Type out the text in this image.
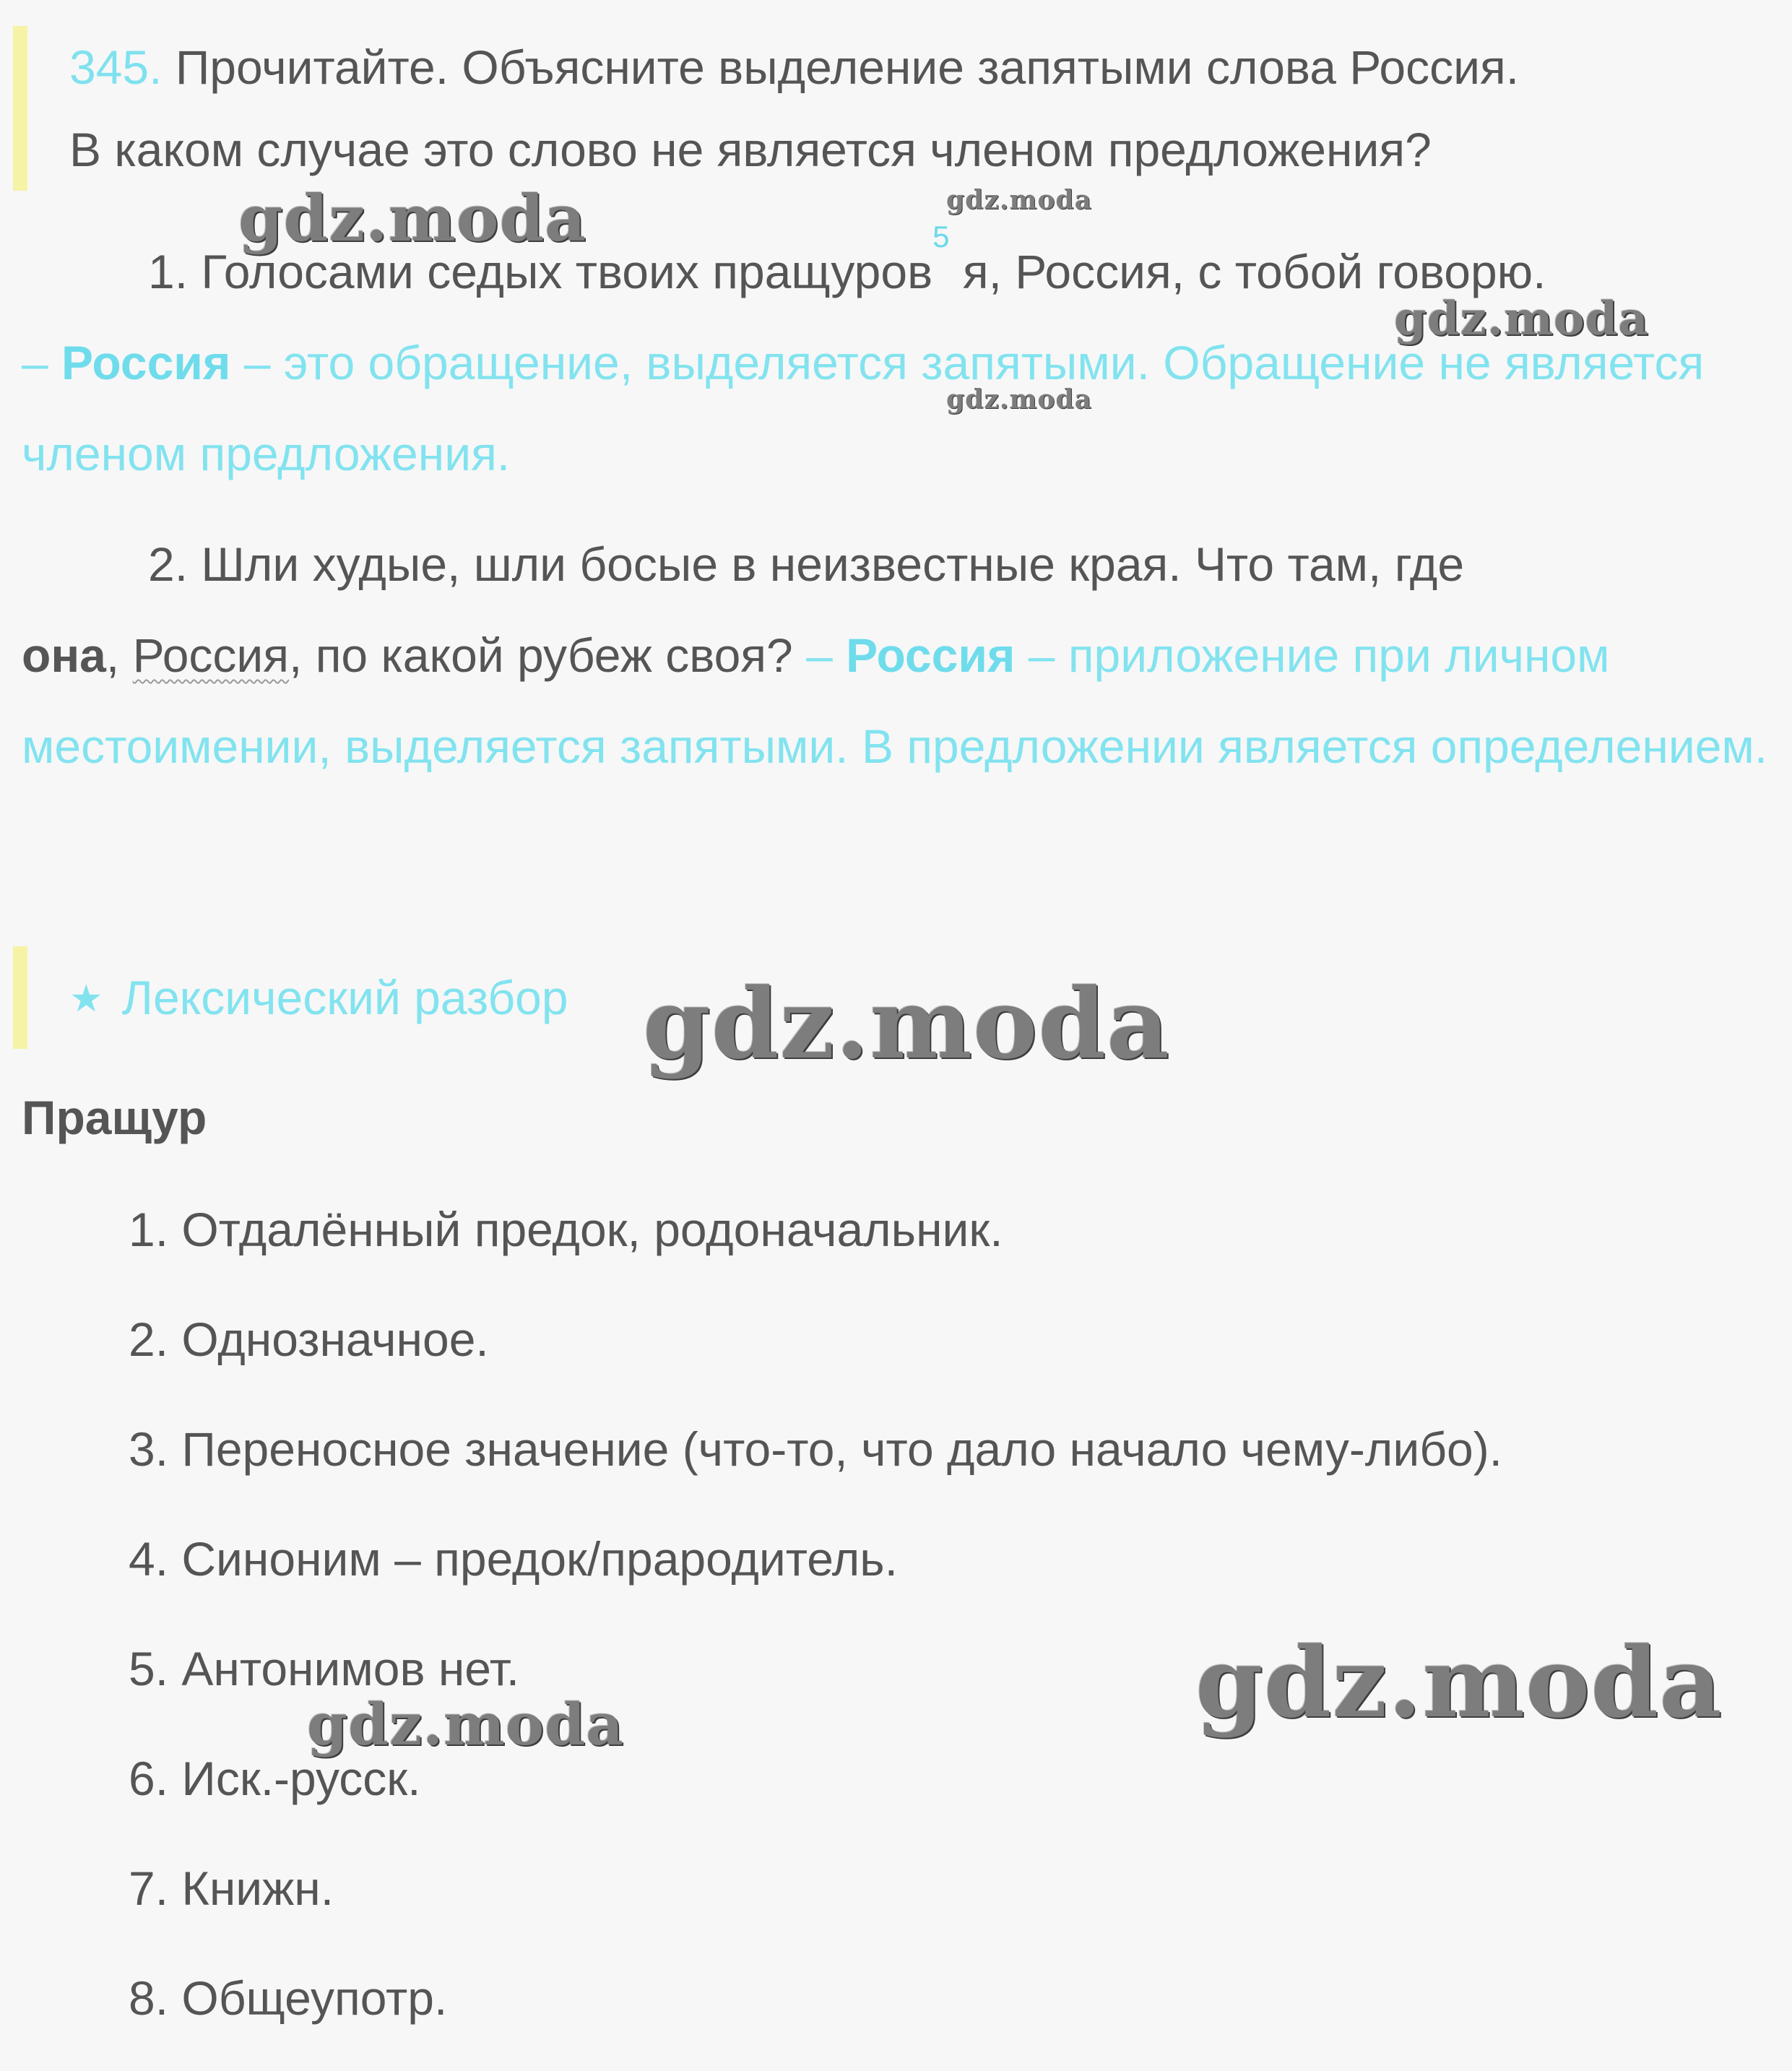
345. Прочитайте. Объясните выделение запятыми слова Россия.
В каком случае это слово не является членом предложения?
1. Голосами седых твоих пращуров$^5$ я, Россия, с тобой говорю.
– Россия – это обращение, выделяется запятыми. Обращение не является членом предложения.
2. Шли худые, шли босые в неизвестные края. Что там, где
она, Россия, по какой рубеж своя? – Россия – приложение при личном местоимении, выделяется запятыми. В предложении является определением.
★ Лексический разбор
Пращур
1. Отдалённый предок, родоначальник.
2. Однозначное.
3. Переносное значение (что-то, что дало начало чему-либо).
4. Синоним – предок/прародитель.
5. Антонимов нет.
6. Иск.-русск.
7. Книжн.
8. Общеупотр.
gdz.moda	gdz.moda
gdz.moda
gdz.moda
gdz.moda
gdz.moda
gdz.moda
